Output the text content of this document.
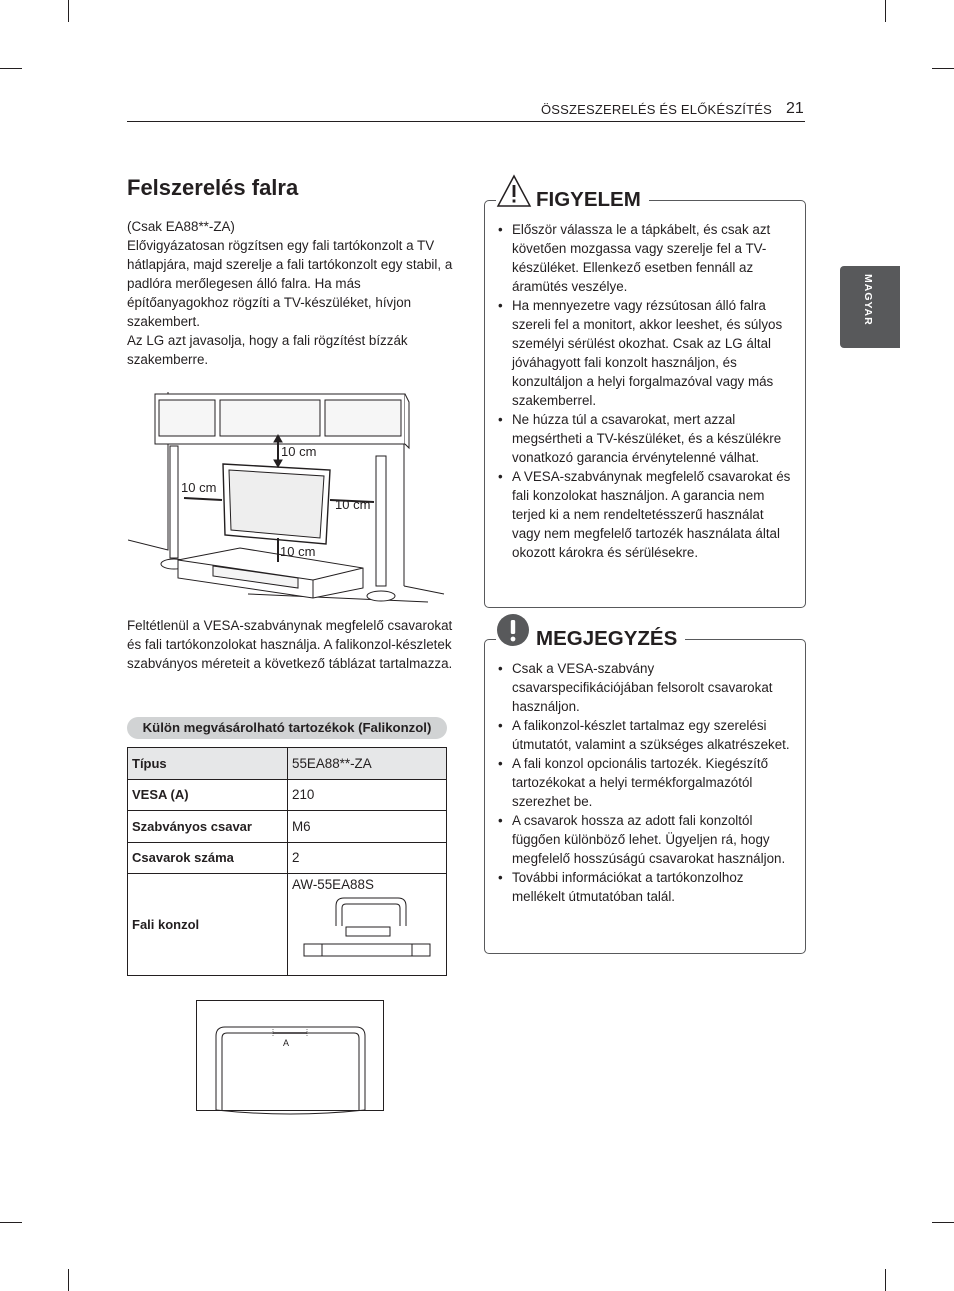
ÖSSZESZERELÉS ÉS ELŐKÉSZÍTÉS 21
MAGYAR
Felszerelés falra

(Csak EA88**-ZA)

Elővigyázatosan rögzítsen egy fali tartókonzolt a TV hátlapjára, majd szerelje a fali tartókonzolt egy stabil, a padlóra merőlegesen álló falra. Ha más építőanyagokhoz rögzíti a TV-készüléket, hívjon szakembert.

Az LG azt javasolja, hogy a fali rögzítést bízzák szakemberre.

10 cm
10 cm
10 cm
10 cm

Feltétlenül a VESA-szabványnak megfelelő csavarokat és fali tartókonzolokat használja. A falikonzol-készletek szabványos méreteit a következő táblázat tartalmazza.

Külön megvásárolható tartozékok (Falikonzol)
Típus	55EA88**-ZA
VESA (A)	210
Szabványos csavar	M6
Csavarok száma	2
Fali konzol	AW-55EA88S
A
• Először válassza le a tápkábelt, és csak azt követően mozgassa vagy szerelje fel a TV-készüléket. Ellenkező esetben fennáll az áramütés veszélye.
• Ha mennyezetre vagy rézsútosan álló falra szereli fel a monitort, akkor leeshet, és súlyos személyi sérülést okozhat. Csak az LG által jóváhagyott fali konzolt használjon, és konzultáljon a helyi forgalmazóval vagy más szakemberrel.
• Ne húzza túl a csavarokat, mert azzal megsértheti a TV-készüléket, és a készülékre vonatkozó garancia érvénytelenné válhat.
• A VESA-szabványnak megfelelő csavarokat és fali konzolokat használjon. A garancia nem terjed ki a nem rendeltetésszerű használat vagy nem megfelelő tartozék használata által okozott károkra és sérülésekre.
FIGYELEM
• Csak a VESA-szabvány csavarspecifikációjában felsorolt csavarokat használjon.
• A falikonzol-készlet tartalmaz egy szerelési útmutatót, valamint a szükséges alkatrészeket.
• A fali konzol opcionális tartozék. Kiegészítő tartozékokat a helyi termékforgalmazótól szerezhet be.
• A csavarok hossza az adott fali konzoltól függően különböző lehet. Ügyeljen rá, hogy megfelelő hosszúságú csavarokat használjon.
• További információkat a tartókonzolhoz mellékelt útmutatóban talál.
MEGJEGYZÉS
